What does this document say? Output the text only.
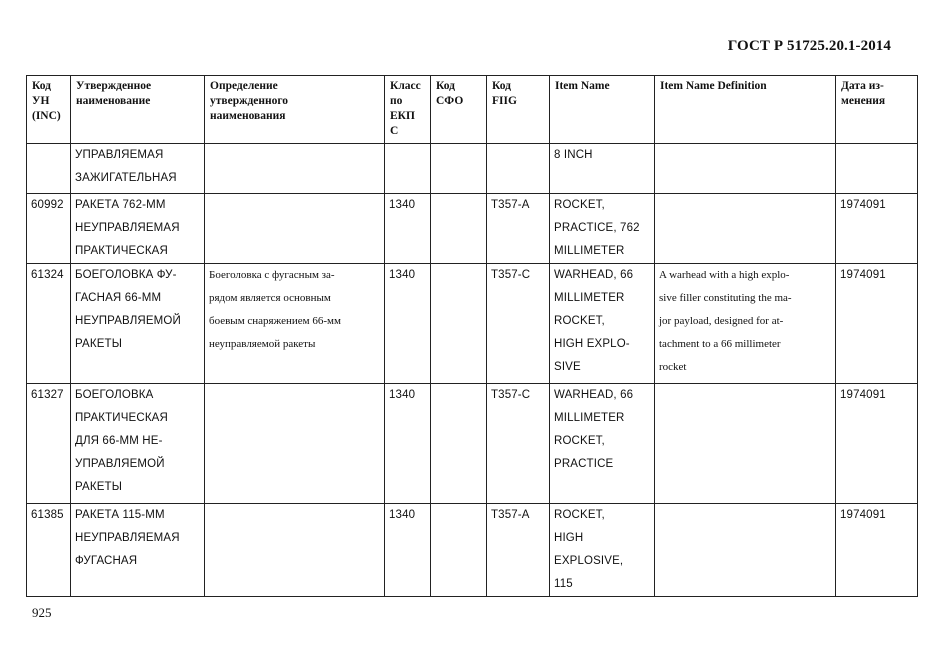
ГОСТ Р 51725.20.1-2014
Код
УН
(INC)	Утвержденное
наименование	Определение
утвержденного
наименования	Класс
по
ЕКП
С	Код
СФО	Код
FIIG	Item Name	Item Name Definition	Дата из-
менения

	УПРАВЛЯЕМАЯ
ЗАЖИГАТЕЛЬНАЯ					8 INCH		

60992	РАКЕТА 762-ММ
НЕУПРАВЛЯЕМАЯ
ПРАКТИЧЕСКАЯ		1340		T357-A	ROCKET,
PRACTICE, 762
MILLIMETER		1974091

61324	БОЕГОЛОВКА ФУ-
ГАСНАЯ 66-ММ
НЕУПРАВЛЯЕМОЙ
РАКЕТЫ	Боеголовка с фугасным за-
рядом является основным
боевым снаряжением 66-мм
неуправляемой ракеты	1340		T357-C	WARHEAD, 66
MILLIMETER
ROCKET,
HIGH EXPLO-
SIVE	A warhead with a high explo-
sive filler constituting the ma-
jor payload, designed for at-
tachment to a 66 millimeter
rocket	1974091

61327	БОЕГОЛОВКА
ПРАКТИЧЕСКАЯ
ДЛЯ 66-ММ НЕ-
УПРАВЛЯЕМОЙ
РАКЕТЫ		1340		T357-C	WARHEAD, 66
MILLIMETER
ROCKET,
PRACTICE		1974091

61385	РАКЕТА 115-ММ
НЕУПРАВЛЯЕМАЯ
ФУГАСНАЯ		1340		T357-A	ROCKET,
HIGH
EXPLOSIVE,
115		1974091
925
